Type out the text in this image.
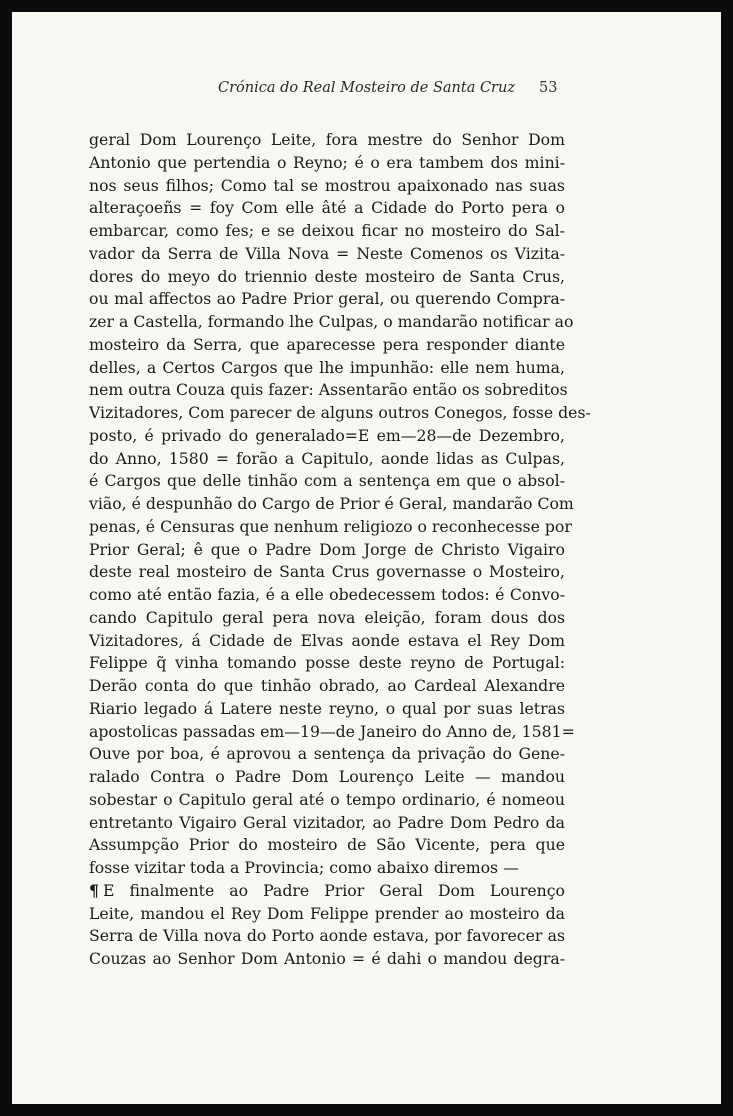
Crónica do Real Mosteiro de Santa Cruz	53
geral Dom Lourenço Leite, fora mestre do Senhor Dom
Antonio que pertendia o Reyno; é o era tambem dos mini-
nos seus filhos; Como tal se mostrou apaixonado nas suas
alteraçoeñs = foy Com elle âté a Cidade do Porto pera o
embarcar, como fes; e se deixou ficar no mosteiro do Sal-
vador da Serra de Villa Nova = Neste Comenos os Vizita-
dores do meyo do triennio deste mosteiro de Santa Crus,
ou mal affectos ao Padre Prior geral, ou querendo Compra-
zer a Castella, formando lhe Culpas, o mandarão notificar ao
mosteiro da Serra, que aparecesse pera responder diante
delles, a Certos Cargos que lhe impunhão: elle nem huma,
nem outra Couza quis fazer: Assentarão então os sobreditos
Vizitadores, Com parecer de alguns outros Conegos, fosse des-
posto, é privado do generalado=E em—28—de Dezembro,
do Anno, 1580 = forão a Capitulo, aonde lidas as Culpas,
é Cargos que delle tinhão com a sentença em que o absol-
vião, é despunhão do Cargo de Prior é Geral, mandarão Com
penas, é Censuras que nenhum religiozo o reconhecesse por
Prior Geral; ê que o Padre Dom Jorge de Christo Vigairo
deste real mosteiro de Santa Crus governasse o Mosteiro,
como até então fazia, é a elle obedecessem todos: é Convo-
cando Capitulo geral pera nova eleição, foram dous dos
Vizitadores, á Cidade de Elvas aonde estava el Rey Dom
Felippe q̃ vinha tomando posse deste reyno de Portugal:
Derão conta do que tinhão obrado, ao Cardeal Alexandre
Riario legado á Latere neste reyno, o qual por suas letras
apostolicas passadas em—19—de Janeiro do Anno de, 1581=
Ouve por boa, é aprovou a sentença da privação do Gene-
ralado Contra o Padre Dom Lourenço Leite — mandou
sobestar o Capitulo geral até o tempo ordinario, é nomeou
entretanto Vigairo Geral vizitador, ao Padre Dom Pedro da
Assumpção Prior do mosteiro de São Vicente, pera que
fosse vizitar toda a Provincia; como abaixo diremos —
¶ E finalmente ao Padre Prior Geral Dom Lourenço
Leite, mandou el Rey Dom Felippe prender ao mosteiro da
Serra de Villa nova do Porto aonde estava, por favorecer as
Couzas ao Senhor Dom Antonio = é dahi o mandou degra-
